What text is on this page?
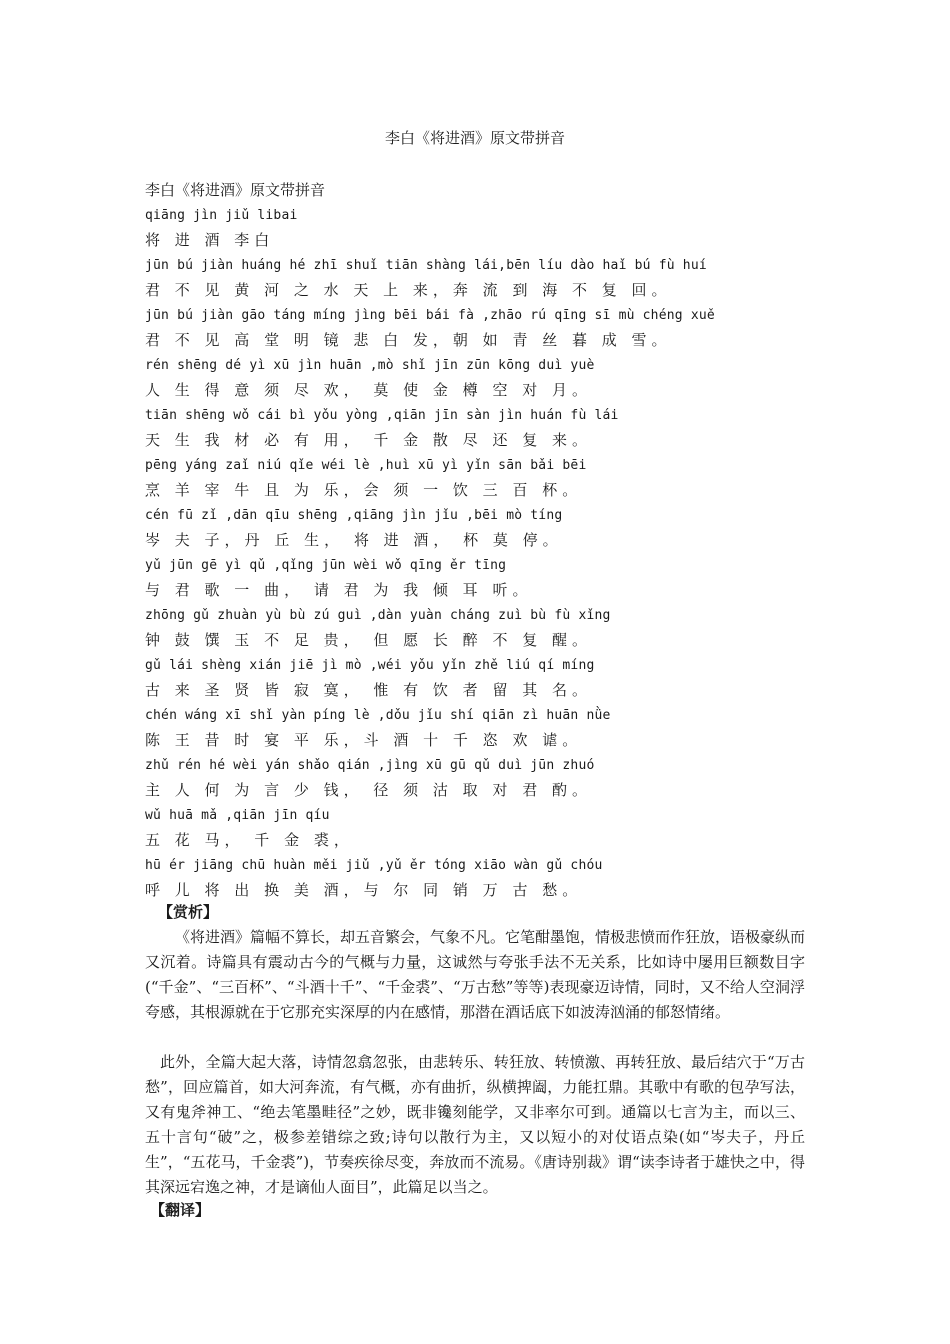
李白《将进酒》原文带拼音
李白《将进酒》原文带拼音
qiāng jìn jiǔ libai
将 进 酒 李白
jūn bú jiàn huáng hé zhī shuǐ tiān shàng lái,bēn líu dào haǐ bú fù huí
君 不 见 黄 河 之 水 天 上 来，奔 流 到 海 不 复 回。
jūn bú jiàn gāo táng míng jìng bēi bái fà ,zhāo rú qīng sī mù chéng xuě
君 不 见 高 堂 明 镜 悲 白 发，朝 如 青 丝 暮 成 雪。
rén shēng dé yì xū jìn huān ,mò shǐ jīn zūn kōng duì yuè
人 生 得 意 须 尽 欢， 莫 使 金 樽 空 对 月。
tiān shēng wǒ cái bì yǒu yòng ,qiān jīn sàn jìn huán fù lái
天 生 我 材 必 有 用， 千 金 散 尽 还 复 来。
pēng yáng zaǐ niú qǐe wéi lè ,huì xū yì yǐn sān bǎi bēi
烹 羊 宰 牛 且 为 乐，会 须 一 饮 三 百 杯。
cén fū zǐ ,dān qīu shēng ,qiāng jìn jǐu ,bēi mò tíng
岑 夫 子，丹 丘 生， 将 进 酒， 杯 莫 停。
yǔ jūn gē yì qǔ ,qǐng jūn wèi wǒ qīng ěr tīng
与 君 歌 一 曲， 请 君 为 我 倾 耳 听。
zhōng gǔ zhuàn yù bù zú guì ,dàn yuàn cháng zuì bù fù xǐng
钟 鼓 馔 玉 不 足 贵， 但 愿 长 醉 不 复 醒。
gǔ lái shèng xián jiē jì mò ,wéi yǒu yǐn zhě liú qí míng
古 来 圣 贤 皆 寂 寞， 惟 有 饮 者 留 其 名。
chén wáng xī shǐ yàn píng lè ,dǒu jǐu shí qiān zì huān nǜe
陈 王 昔 时 宴 平 乐，斗 酒 十 千 恣 欢 谑。
zhǔ rén hé wèi yán shǎo qián ,jìng xū gū qǔ duì jūn zhuó
主 人 何 为 言 少 钱， 径 须 沽 取 对 君 酌。
wǔ huā mǎ ,qiān jīn qíu
五 花 马， 千 金 裘，
hū ér jiāng chū huàn měi jiǔ ,yǔ ěr tóng xiāo wàn gǔ chóu
呼 儿 将 出 换 美 酒，与 尔 同 销 万 古 愁。
【赏析】
《将进酒》篇幅不算长，却五音繁会，气象不凡。它笔酣墨饱，情极悲愤而作狂放，语极豪纵而又沉着。诗篇具有震动古今的气概与力量，这诚然与夸张手法不无关系，比如诗中屡用巨额数目字(“千金”、“三百杯”、“斗酒十千”、“千金裘”、“万古愁”等等)表现豪迈诗情，同时，又不给人空洞浮夸感，其根源就在于它那充实深厚的内在感情，那潜在酒话底下如波涛汹涌的郁怒情绪。
此外，全篇大起大落，诗情忽翕忽张，由悲转乐、转狂放、转愤激、再转狂放、最后结穴于“万古愁”，回应篇首，如大河奔流，有气概，亦有曲折，纵横捭阖，力能扛鼎。其歌中有歌的包孕写法，又有鬼斧神工、“绝去笔墨畦径”之妙，既非镵刻能学，又非率尔可到。通篇以七言为主，而以三、五十言句“破”之，极参差错综之致;诗句以散行为主，又以短小的对仗语点染(如“岑夫子，丹丘生”，“五花马，千金裘”)，节奏疾徐尽变，奔放而不流易。《唐诗别裁》谓“读李诗者于雄快之中，得其深远宕逸之神，才是谪仙人面目”，此篇足以当之。
【翻译】
